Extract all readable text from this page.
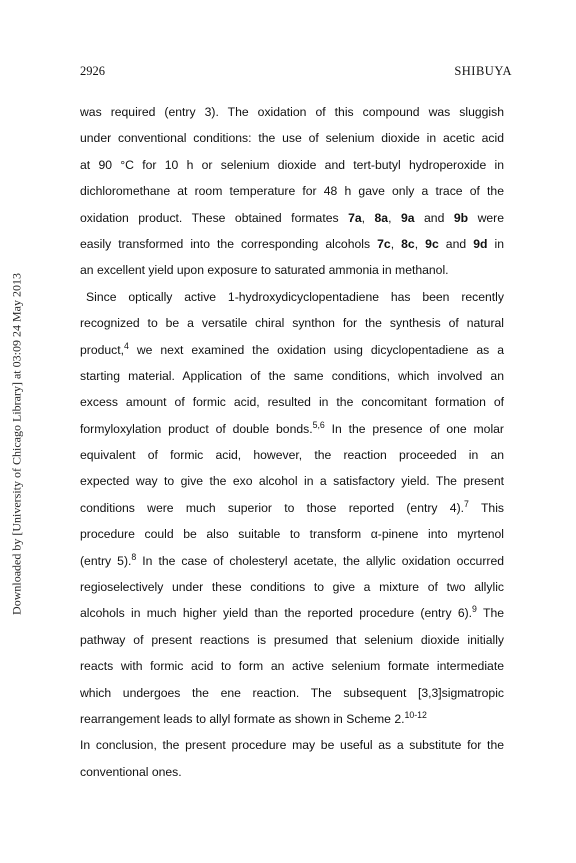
2926	SHIBUYA
Downloaded by [University of Chicago Library] at 03:09 24 May 2013
was required (entry 3). The oxidation of this compound was sluggish
under conventional conditions: the use of selenium dioxide in acetic acid
at 90 °C for 10 h or selenium dioxide and tert-butyl hydroperoxide in
dichloromethane at room temperature for 48 h gave only a trace of the
oxidation product. These obtained formates 7a, 8a, 9a and 9b were
easily transformed into the corresponding alcohols 7c, 8c, 9c and 9d in
an excellent yield upon exposure to saturated ammonia in methanol.
Since optically active 1-hydroxydicyclopentadiene has been recently
recognized to be a versatile chiral synthon for the synthesis of natural
product,$^4$ we next examined the oxidation using dicyclopentadiene as a
starting material. Application of the same conditions, which involved an
excess amount of formic acid, resulted in the concomitant formation of
formyloxylation product of double bonds.$^{5,6}$ In the presence of one molar
equivalent of formic acid, however, the reaction proceeded in an
expected way to give the exo alcohol in a satisfactory yield. The present
conditions were much superior to those reported (entry 4).$^7$ This
procedure could be also suitable to transform α-pinene into myrtenol
(entry 5).$^8$ In the case of cholesteryl acetate, the allylic oxidation occurred
regioselectively under these conditions to give a mixture of two allylic
alcohols in much higher yield than the reported procedure (entry 6).$^9$ The
pathway of present reactions is presumed that selenium dioxide initially
reacts with formic acid to form an active selenium formate intermediate
which undergoes the ene reaction. The subsequent [3,3]sigmatropic
rearrangement leads to allyl formate as shown in Scheme 2.$^{10-12}$
In conclusion, the present procedure may be useful as a substitute for the
conventional ones.
